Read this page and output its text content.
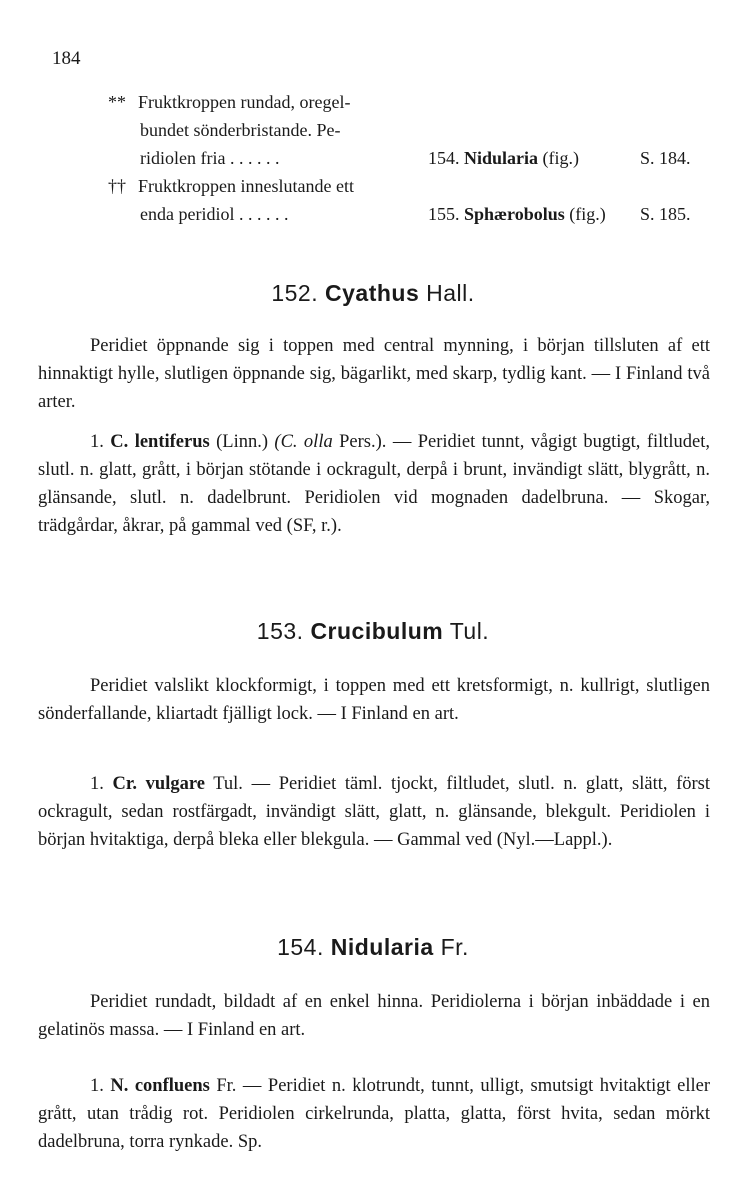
184
** Fruktkroppen rundad, oregel-
bundet sönderbristande. Pe-
ridiolen fria . . . . . .	154. Nidularia (fig.)	S. 184.
†† Fruktkroppen inneslutande ett
enda peridiol . . . . . .	155. Sphærobolus (fig.) S. 185.
152. Cyathus Hall.
Peridiet öppnande sig i toppen med central mynning, i början tillsluten af ett hinnaktigt hylle, slutligen öppnande sig, bägarlikt, med skarp, tydlig kant. — I Finland två arter.
1. C. lentiferus (Linn.) (C. olla Pers.). — Peridiet tunnt, vågigt bugtigt, filtludet, slutl. n. glatt, grått, i början stötande i ockragult, derpå i brunt, invändigt slätt, blygrått, n. glänsande, slutl. n. dadelbrunt. Peridiolen vid mognaden dadelbruna. — Skogar, trädgårdar, åkrar, på gammal ved (SF, r.).
153. Crucibulum Tul.
Peridiet valslikt klockformigt, i toppen med ett kretsformigt, n. kullrigt, slutligen sönderfallande, kliartadt fjälligt lock. — I Finland en art.
1. Cr. vulgare Tul. — Peridiet täml. tjockt, filtludet, slutl. n. glatt, slätt, först ockragult, sedan rostfärgadt, invändigt slätt, glatt, n. glänsande, blekgult. Peridiolen i början hvitaktiga, derpå bleka eller blekgula. — Gammal ved (Nyl.—Lappl.).
154. Nidularia Fr.
Peridiet rundadt, bildadt af en enkel hinna. Peridiolerna i början inbäddade i en gelatinös massa. — I Finland en art.
1. N. confluens Fr. — Peridiet n. klotrundt, tunnt, ulligt, smutsigt hvitaktigt eller grått, utan trådig rot. Peridiolen cirkelrunda, platta, glatta, först hvita, sedan mörkt dadelbruna, torra rynkade. Sp.
